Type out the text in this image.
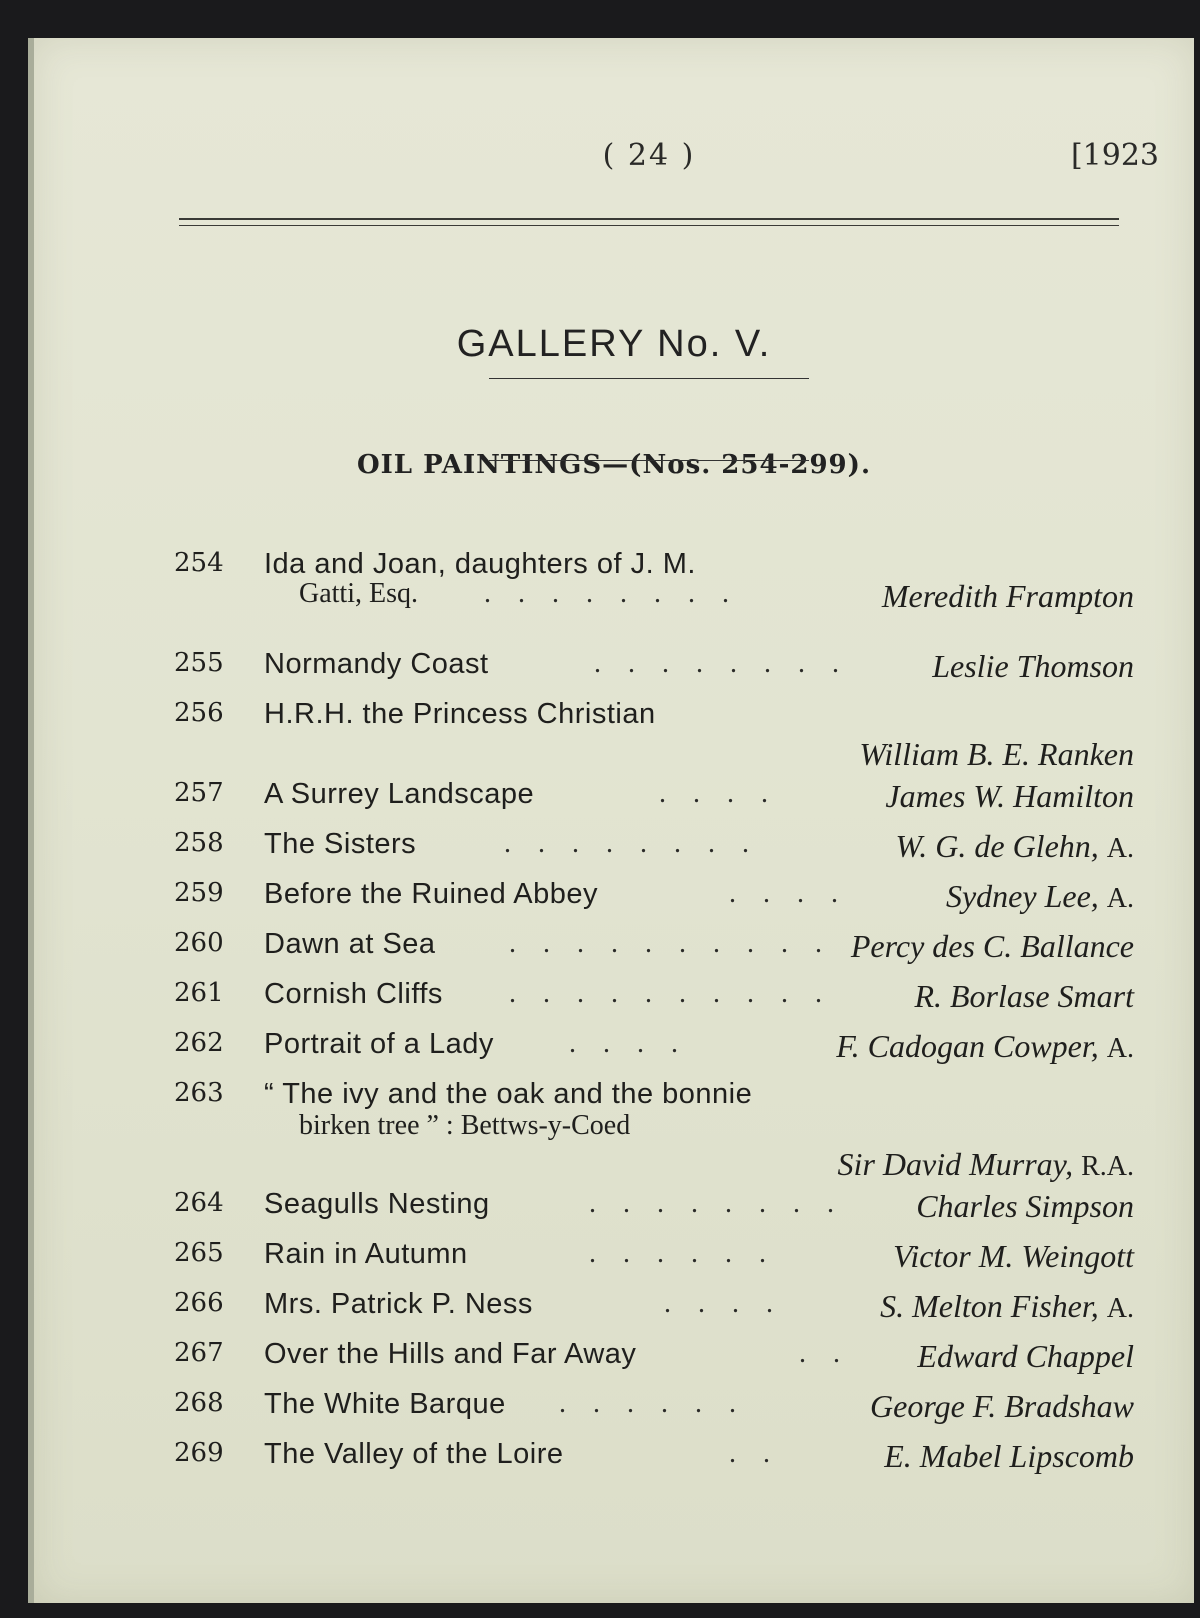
( 24 )	[1923
GALLERY No. V.
OIL PAINTINGS—(Nos. 254-299).
254	Ida and Joan, daughters of J. M.
Gatti, Esq. . . . . . . . .	Meredith Frampton
255	Normandy Coast	. . . . . . . .	Leslie Thomson
256	H.R.H. the Princess Christian
William B. E. Ranken
257	A Surrey Landscape	. . . .	James W. Hamilton
258	The Sisters	. . . . . . . .	W. G. de Glehn, A.
259	Before the Ruined Abbey	. . . .	Sydney Lee, A.
260	Dawn at Sea	. . . . . . . . . . Percy des C. Ballance
261	Cornish Cliffs . . . . . . . . . .	R. Borlase Smart
262	Portrait of a Lady	. . . .	F. Cadogan Cowper, A.
263	“ The ivy and the oak and the bonnie
birken tree ” : Bettws-y-Coed
Sir David Murray, R.A.
264	Seagulls Nesting	. . . . . . . . Charles Simpson
265	Rain in Autumn	. . . . . .	Victor M. Weingott
266	Mrs. Patrick P. Ness	. . . .	S. Melton Fisher, A.
267	Over the Hills and Far Away	. . Edward Chappel
268	The White Barque . . . . . .	George F. Bradshaw
269	The Valley of the Loire	. .	E. Mabel Lipscomb
